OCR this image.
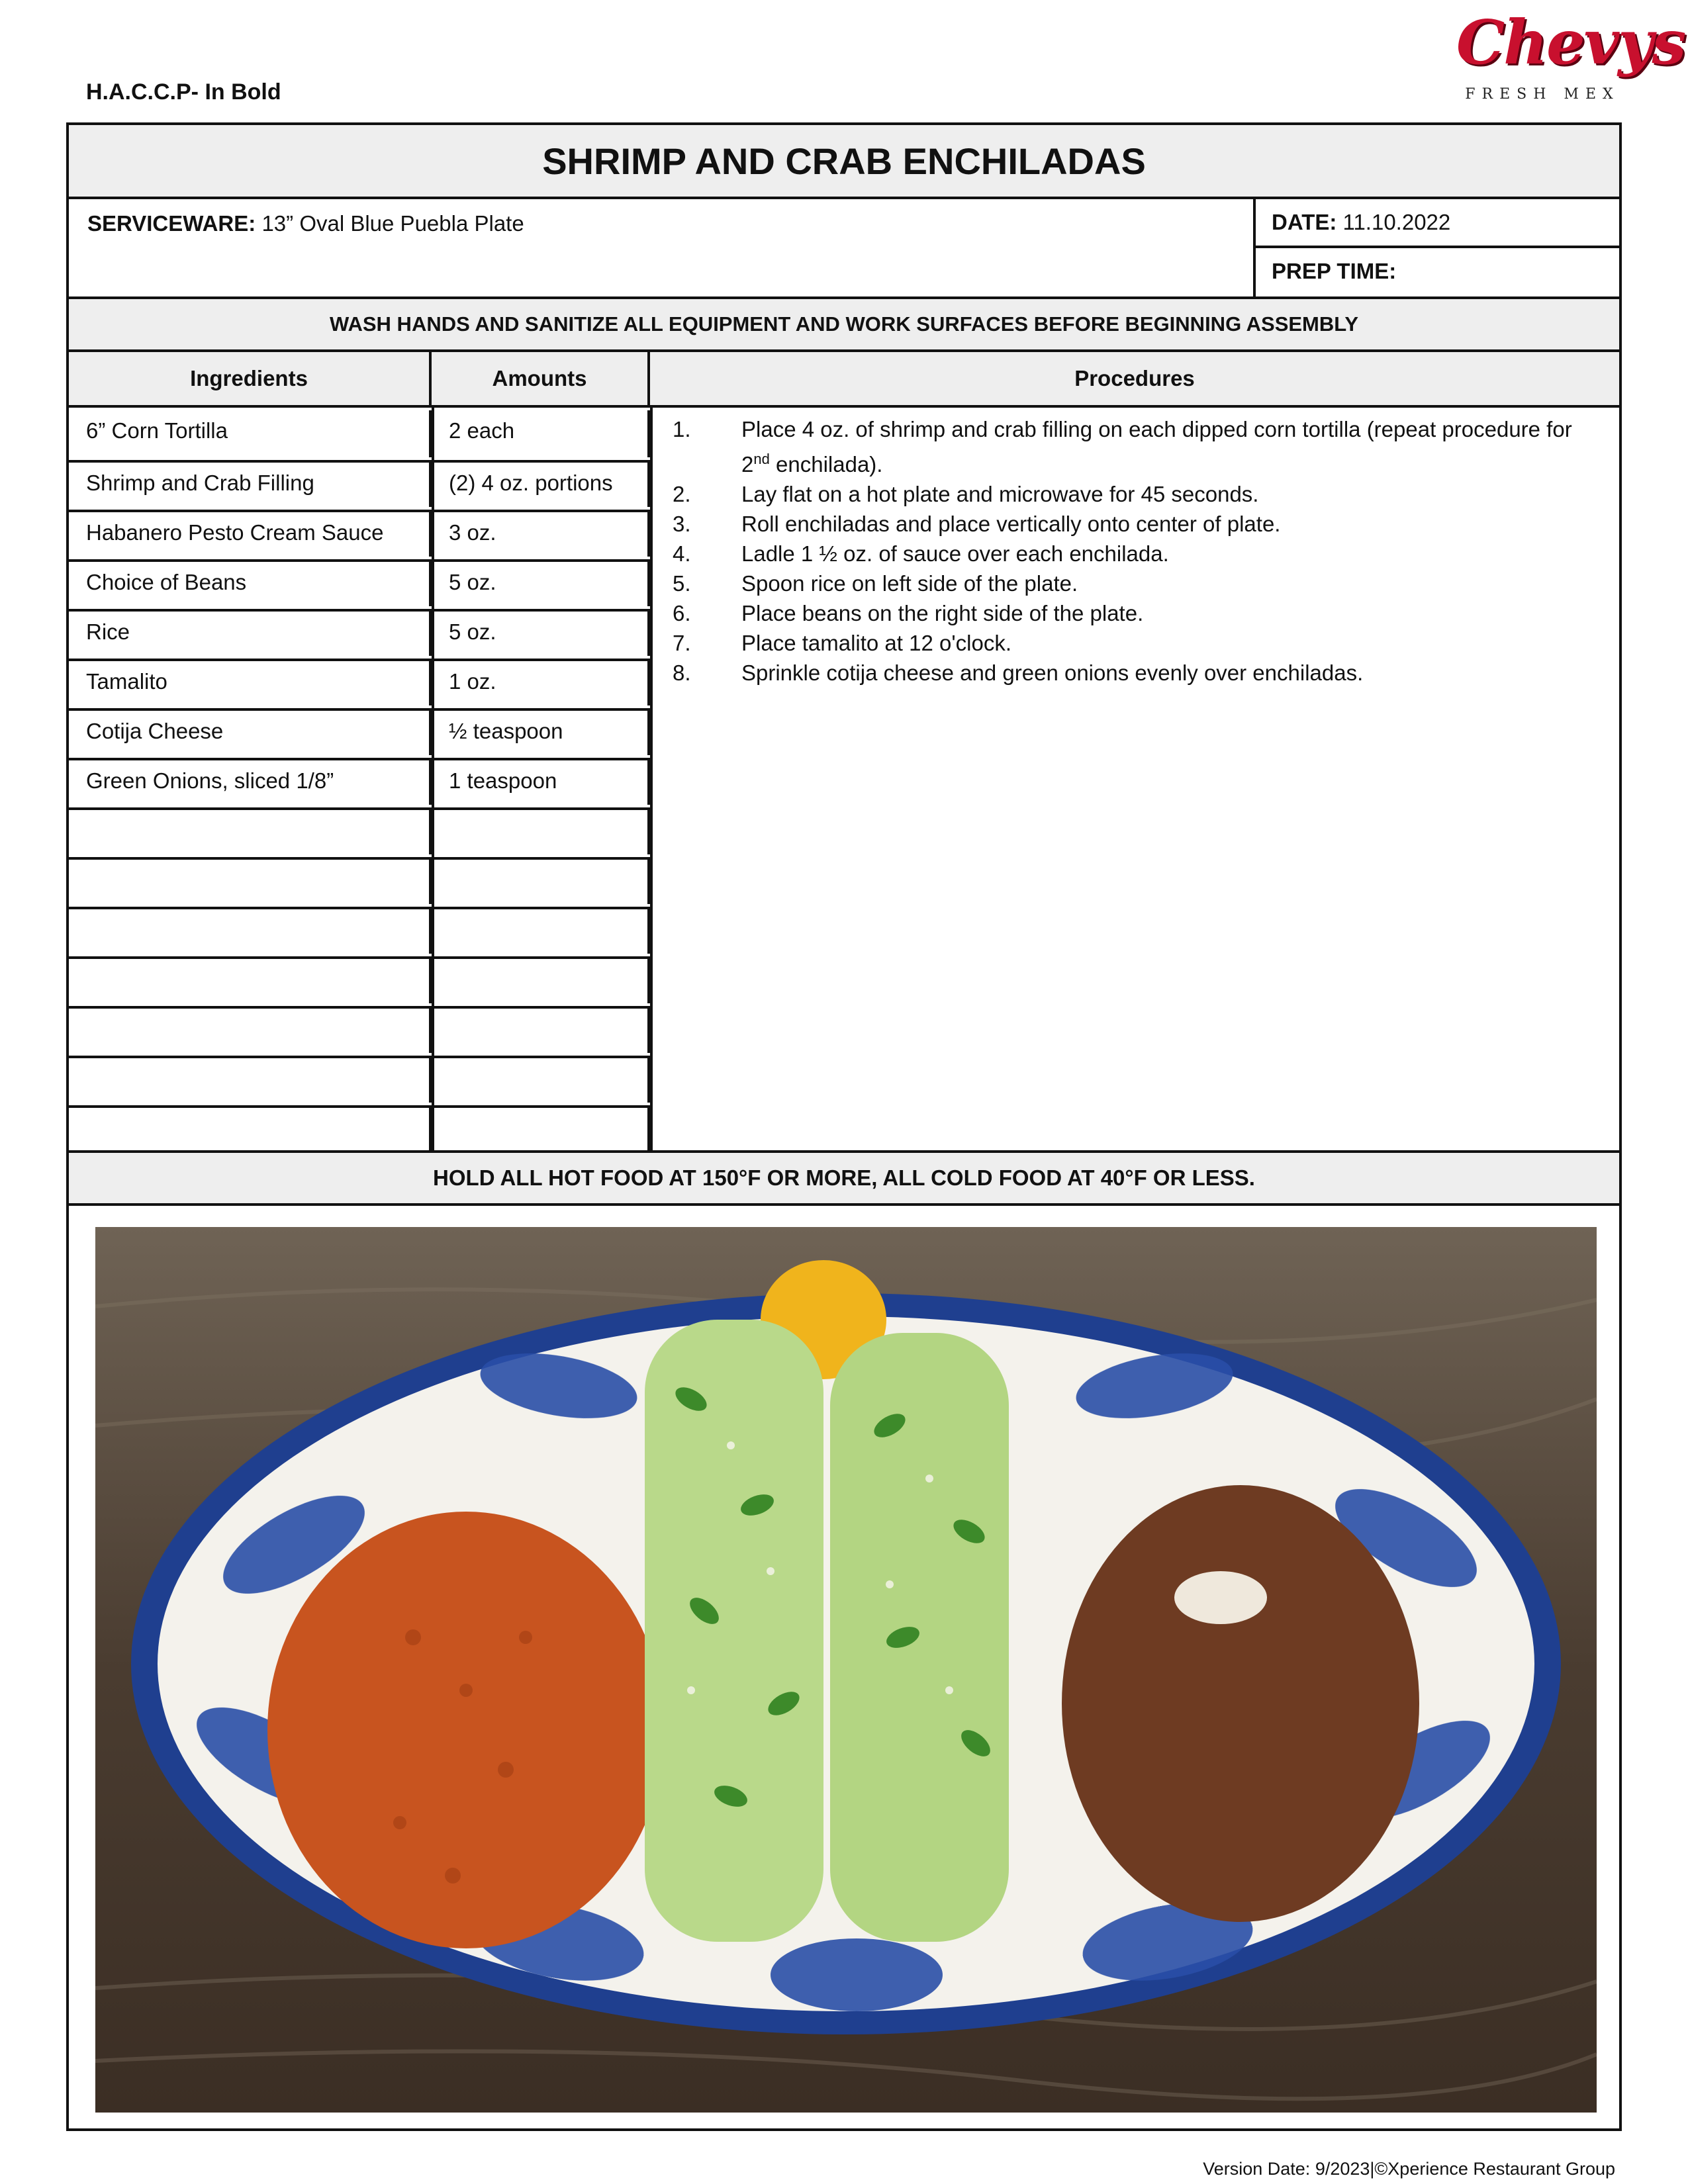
H.A.C.C.P- In Bold
Chevys
FRESH MEX
SHRIMP AND CRAB ENCHILADAS
SERVICEWARE: 13” Oval Blue Puebla Plate	DATE: 11.10.2022
PREP TIME:
WASH HANDS AND SANITIZE ALL EQUIPMENT AND WORK SURFACES BEFORE BEGINNING ASSEMBLY
Ingredients	Amounts	Procedures
6” Corn Tortilla	2 each
Shrimp and Crab Filling	(2) 4 oz. portions
Habanero Pesto Cream Sauce	3 oz.
Choice of Beans	5 oz.
Rice	5 oz.
Tamalito	1 oz.
Cotija Cheese	½ teaspoon
Green Onions, sliced 1/8”	1 teaspoon
1. Place 4 oz. of shrimp and crab filling on each dipped corn tortilla (repeat procedure for 2nd enchilada).
2. Lay flat on a hot plate and microwave for 45 seconds.
3. Roll enchiladas and place vertically onto center of plate.
4. Ladle 1 ½ oz. of sauce over each enchilada.
5. Spoon rice on left side of the plate.
6. Place beans on the right side of the plate.
7. Place tamalito at 12 o'clock.
8. Sprinkle cotija cheese and green onions evenly over enchiladas.
HOLD ALL HOT FOOD AT 150°F OR MORE, ALL COLD FOOD AT 40°F OR LESS.
Version Date: 9/2023|©Xperience Restaurant Group
